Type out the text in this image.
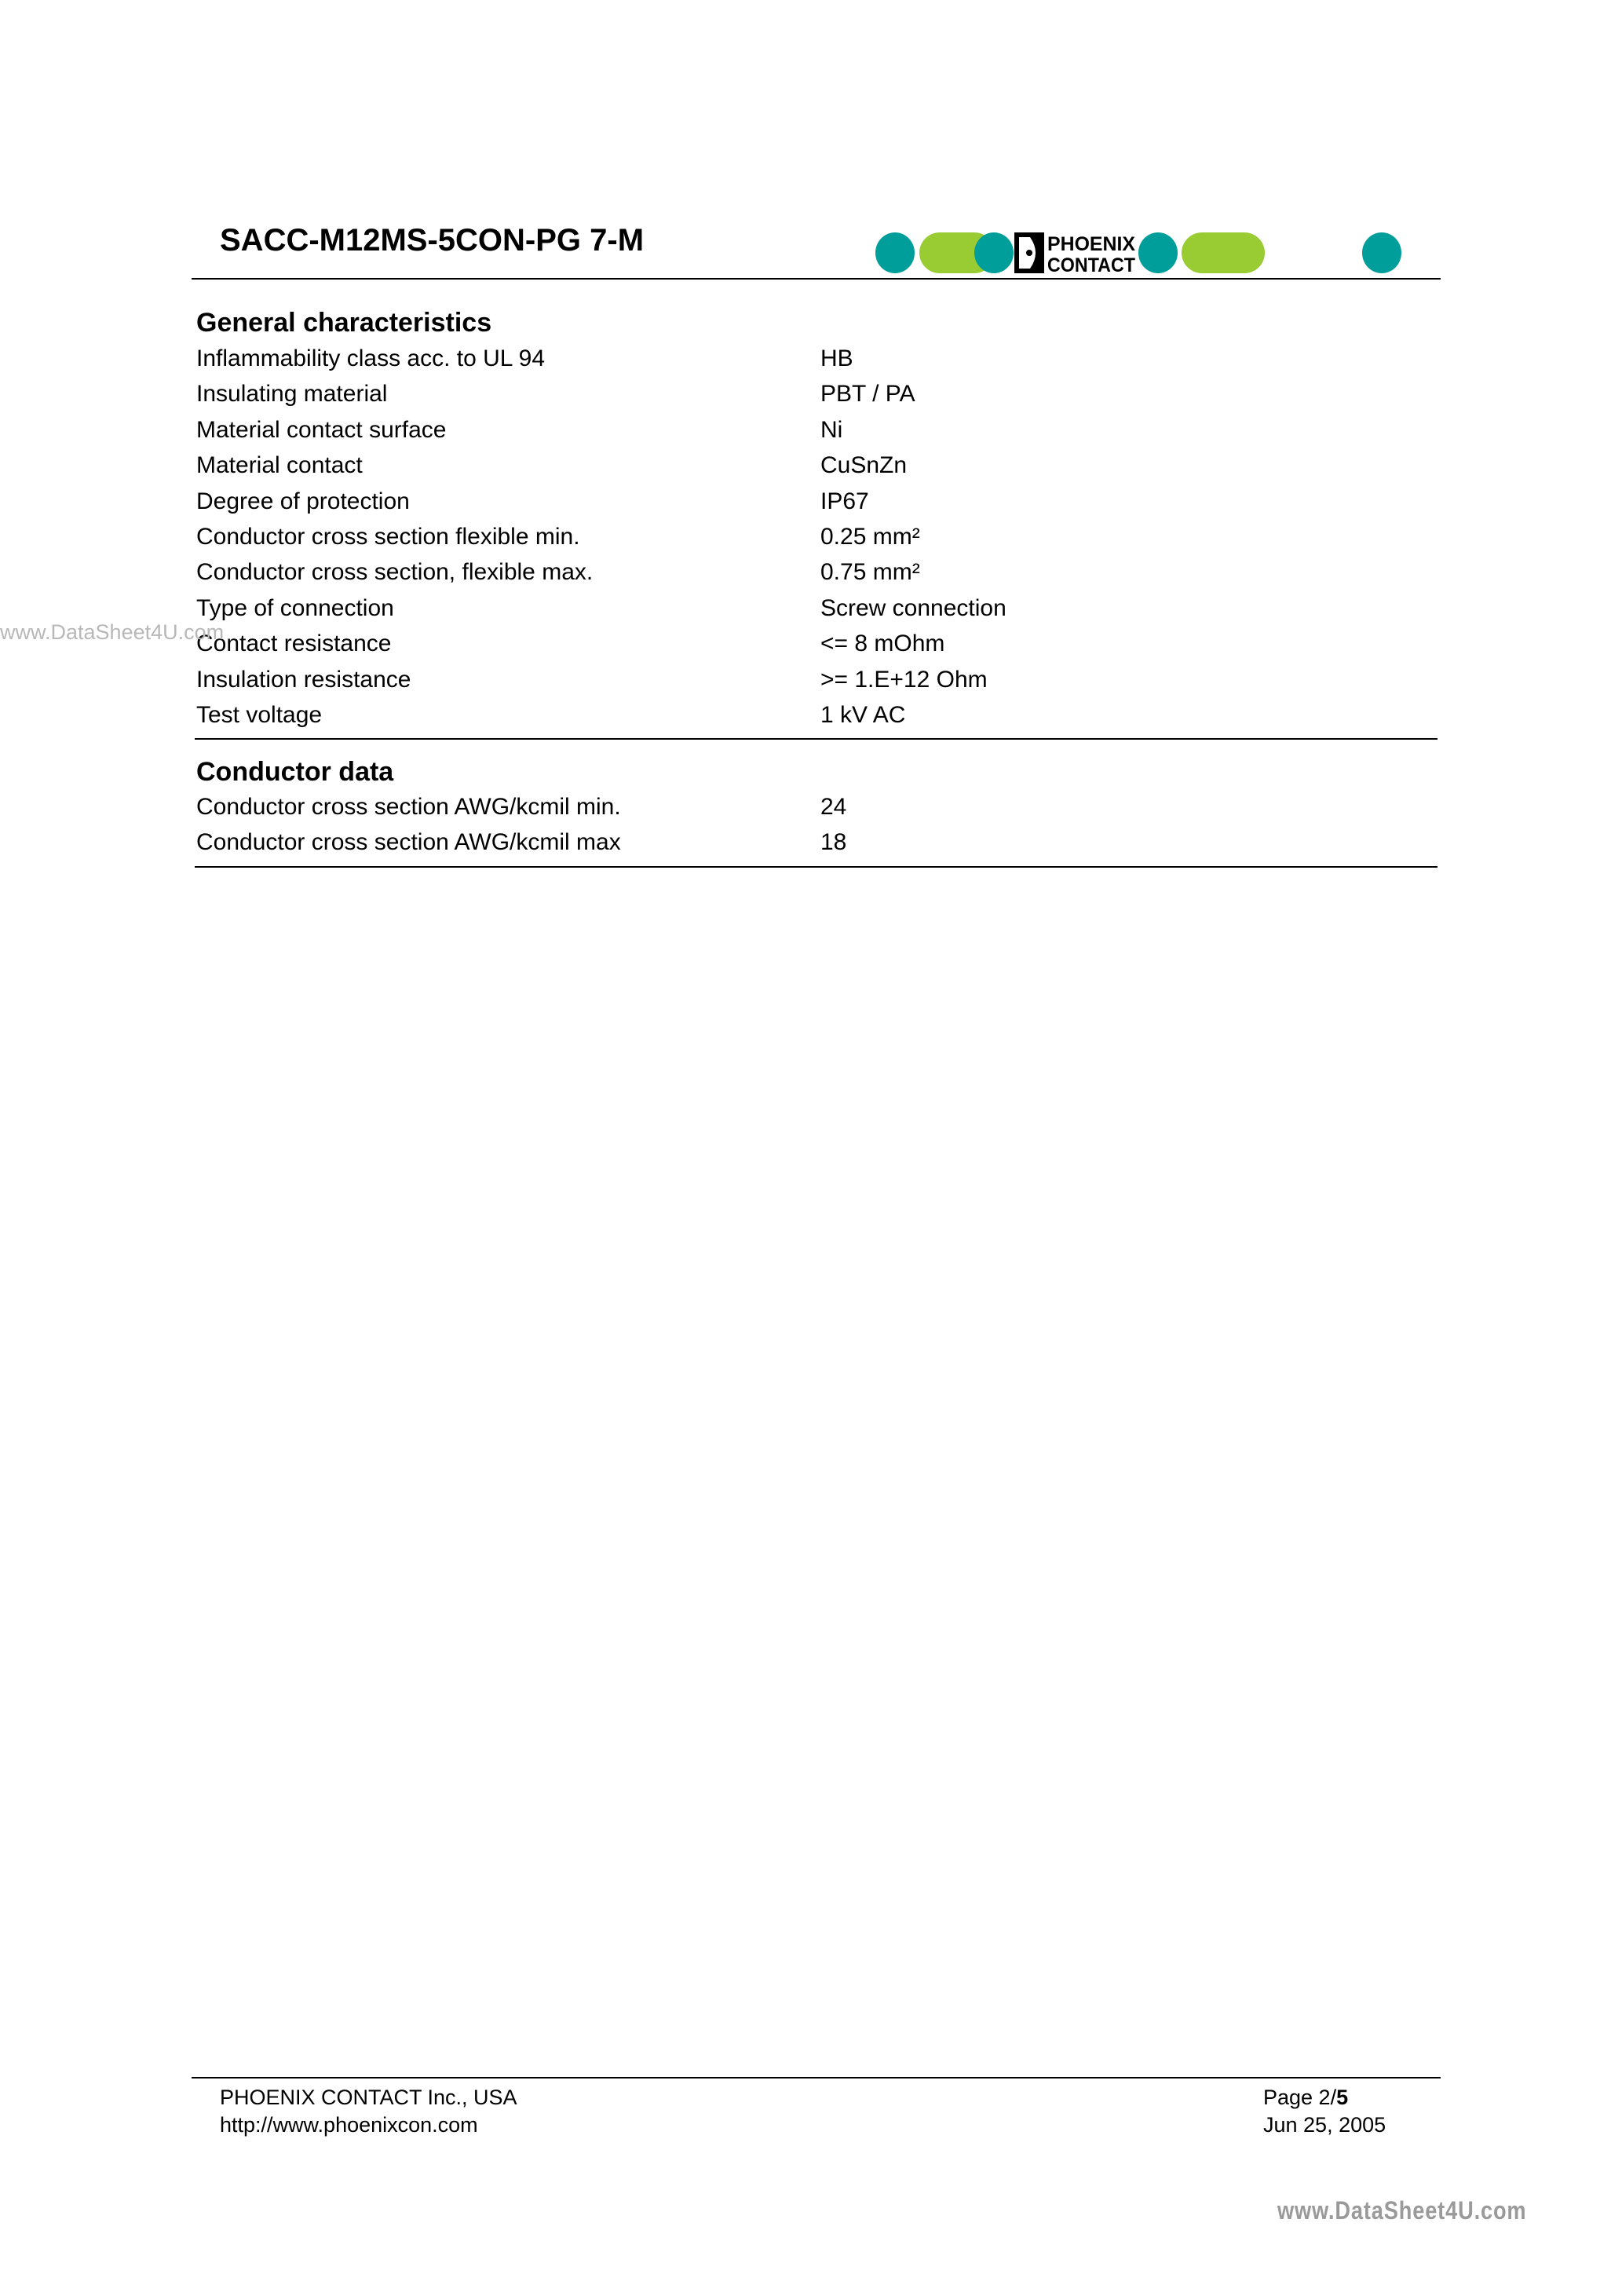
SACC-M12MS-5CON-PG 7-M	PHOENIX
CONTACT
General characteristics
Inflammability class acc. to UL 94	HB
Insulating material	PBT / PA
Material contact surface	Ni
Material contact	CuSnZn
Degree of protection	IP67
Conductor cross section flexible min.	0.25 mm²
Conductor cross section, flexible max.	0.75 mm²
Type of connection	Screw connection
Contact resistance	<= 8 mOhm
Insulation resistance	>= 1.E+12 Ohm
Test voltage	1 kV AC
Conductor data
Conductor cross section AWG/kcmil min.	24
Conductor cross section AWG/kcmil max	18
PHOENIX CONTACT Inc., USA
http://www.phoenixcon.com
Page 2/5
Jun 25, 2005
www.DataSheet4U.com
www.DataSheet4U.com
